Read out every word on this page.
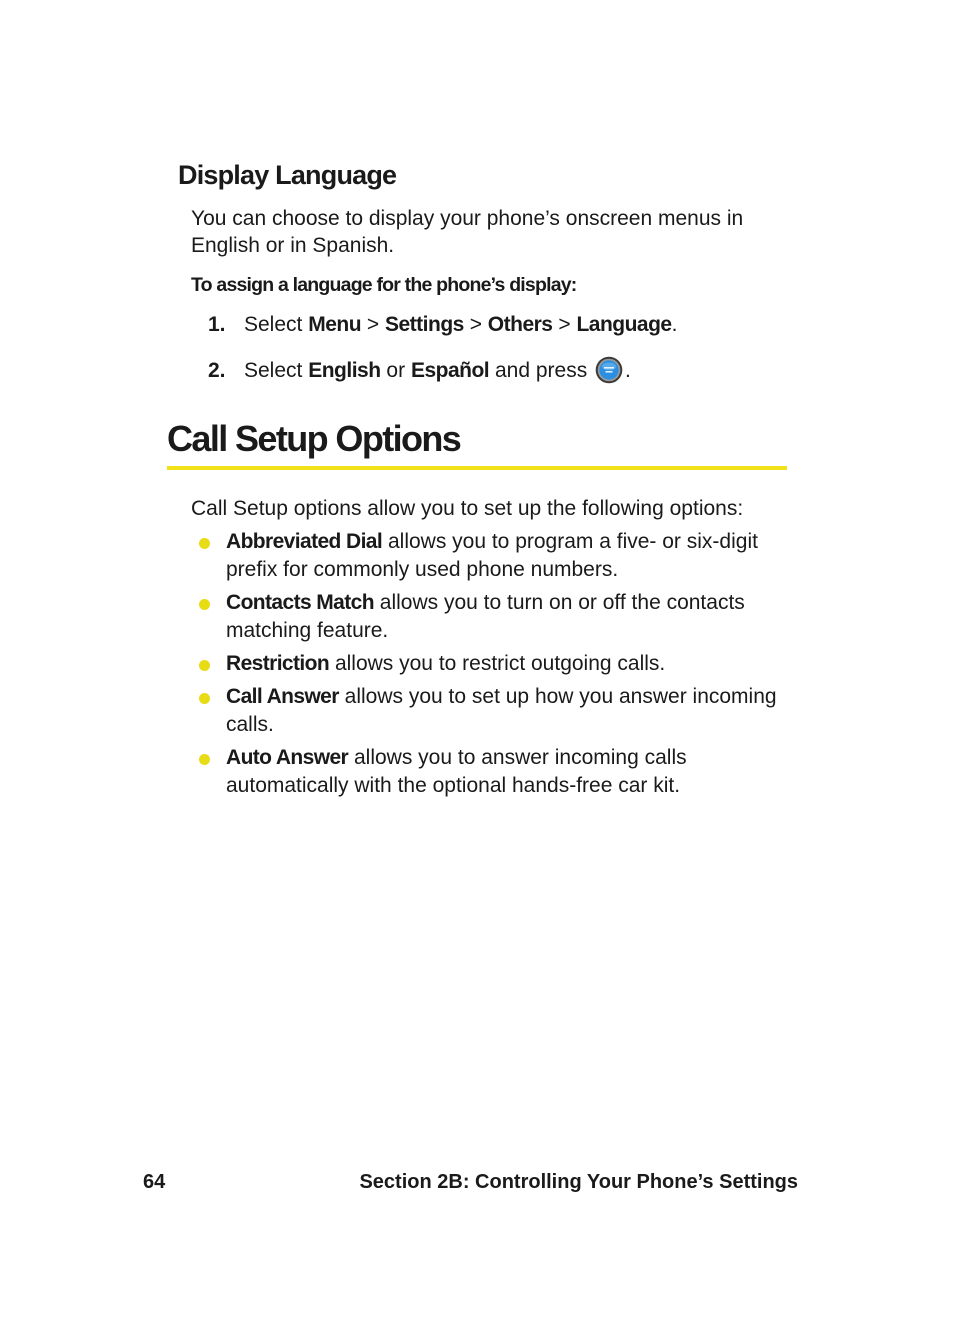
Display Language
You can choose to display your phone’s onscreen menus in English or in Spanish.
To assign a language for the phone’s display:
1. Select Menu > Settings > Others > Language.
2. Select English or Español and press .
Call Setup Options
Call Setup options allow you to set up the following options:
Abbreviated Dial allows you to program a five- or six-digit prefix for commonly used phone numbers.
Contacts Match allows you to turn on or off the contacts matching feature.
Restriction allows you to restrict outgoing calls.
Call Answer allows you to set up how you answer incoming calls.
Auto Answer allows you to answer incoming calls automatically with the optional hands-free car kit.
64	Section 2B: Controlling Your Phone’s Settings
